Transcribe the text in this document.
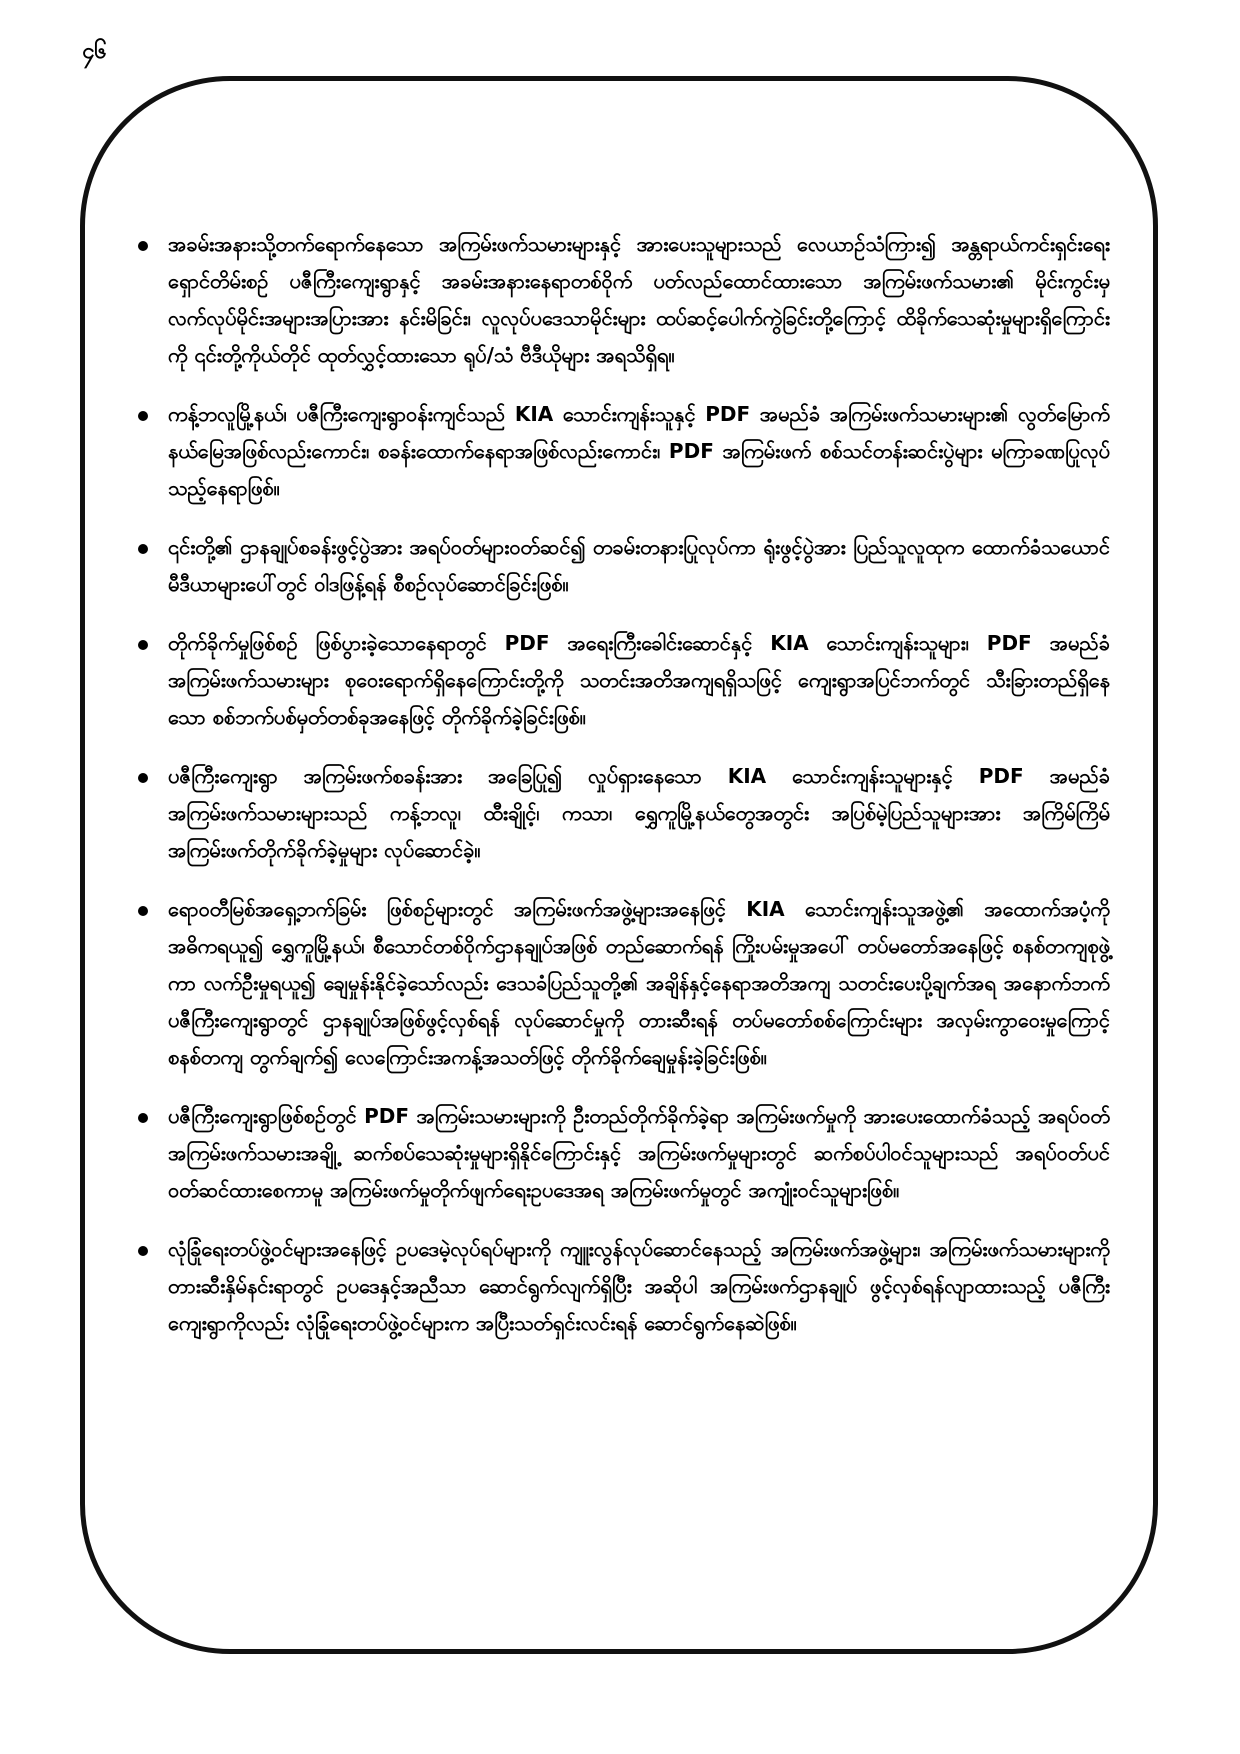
၄၆
အခမ်းအနားသို့တက်ရောက်နေသော အကြမ်းဖက်သမားများနှင့် အားပေးသူများသည် လေယာဉ်သံကြား၍ အန္တရာယ်ကင်းရှင်းရေး ရှောင်တိမ်းစဉ် ပဇီကြီးကျေးရွာနှင့် အခမ်းအနားနေရာတစ်ဝိုက် ပတ်လည်ထောင်ထားသော အကြမ်းဖက်သမား၏ မိုင်းကွင်းမှ လက်လုပ်မိုင်းအများအပြားအား နင်းမိခြင်း၊ လူလုပ်ပဒေသာမိုင်းများ ထပ်ဆင့်ပေါက်ကွဲခြင်းတို့ကြောင့် ထိခိုက်သေဆုံးမှုများရှိကြောင်းကို ၎င်းတို့ကိုယ်တိုင် ထုတ်လွှင့်ထားသော ရုပ်/သံ ဗီဒီယိုများ အရသိရှိရ။
ကန့်ဘလူမြို့နယ်၊ ပဇီကြီးကျေးရွာဝန်းကျင်သည် KIA သောင်းကျန်းသူနှင့် PDF အမည်ခံ အကြမ်းဖက်သမားများ၏ လွတ်မြောက်နယ်မြေအဖြစ်လည်းကောင်း၊ စခန်းထောက်နေရာအဖြစ်လည်းကောင်း၊ PDF အကြမ်းဖက် စစ်သင်တန်းဆင်းပွဲများ မကြာခဏပြုလုပ်သည့်နေရာဖြစ်။
၎င်းတို့၏ ဌာနချုပ်စခန်းဖွင့်ပွဲအား အရပ်ဝတ်များဝတ်ဆင်၍ တခမ်းတနားပြုလုပ်ကာ ရုံးဖွင့်ပွဲအား ပြည်သူလူထုက ထောက်ခံသယောင် မီဒီယာများပေါ်တွင် ဝါဒဖြန့်ရန် စီစဉ်လုပ်ဆောင်ခြင်းဖြစ်။
တိုက်ခိုက်မှုဖြစ်စဉ် ဖြစ်ပွားခဲ့သောနေရာတွင် PDF အရေးကြီးခေါင်းဆောင်နှင့် KIA သောင်းကျန်းသူများ၊ PDF အမည်ခံ အကြမ်းဖက်သမားများ စုဝေးရောက်ရှိနေကြောင်းတို့ကို သတင်းအတိအကျရရှိသဖြင့် ကျေးရွာအပြင်ဘက်တွင် သီးခြားတည်ရှိနေသော စစ်ဘက်ပစ်မှတ်တစ်ခုအနေဖြင့် တိုက်ခိုက်ခဲ့ခြင်းဖြစ်။
ပဇီကြီးကျေးရွာ အကြမ်းဖက်စခန်းအား အခြေပြု၍ လှုပ်ရှားနေသော KIA သောင်းကျန်းသူများနှင့် PDF အမည်ခံ အကြမ်းဖက်သမားများသည် ကန့်ဘလူ၊ ထီးချိုင့်၊ ကသာ၊ ရွှေကူမြို့နယ်တွေအတွင်း အပြစ်မဲ့ပြည်သူများအား အကြိမ်ကြိမ် အကြမ်းဖက်တိုက်ခိုက်ခဲ့မှုများ လုပ်ဆောင်ခဲ့။
ရောဝတီမြစ်အရှေ့ဘက်ခြမ်း ဖြစ်စဉ်များတွင် အကြမ်းဖက်အဖွဲ့များအနေဖြင့် KIA သောင်းကျန်းသူအဖွဲ့၏ အထောက်အပံ့ကို အဓိကရယူ၍ ရွှေကူမြို့နယ်၊ စီသောင်တစ်ဝိုက်ဌာနချုပ်အဖြစ် တည်ဆောက်ရန် ကြိုးပမ်းမှုအပေါ် တပ်မတော်အနေဖြင့် စနစ်တကျစုဖွဲ့ကာ လက်ဦးမှုရယူ၍ ချေမှုန်းနိုင်ခဲ့သော်လည်း ဒေသခံပြည်သူတို့၏ အချိန်နှင့်နေရာအတိအကျ သတင်းပေးပို့ချက်အရ အနောက်ဘက် ပဇီကြီးကျေးရွာတွင် ဌာနချုပ်အဖြစ်ဖွင့်လှစ်ရန် လုပ်ဆောင်မှုကို တားဆီးရန် တပ်မတော်စစ်ကြောင်းများ အလှမ်းကွာဝေးမှုကြောင့် စနစ်တကျ တွက်ချက်၍ လေကြောင်းအကန့်အသတ်ဖြင့် တိုက်ခိုက်ချေမှုန်းခဲ့ခြင်းဖြစ်။
ပဇီကြီးကျေးရွာဖြစ်စဉ်တွင် PDF အကြမ်းသမားများကို ဦးတည်တိုက်ခိုက်ခဲ့ရာ အကြမ်းဖက်မှုကို အားပေးထောက်ခံသည့် အရပ်ဝတ်အကြမ်းဖက်သမားအချို့ ဆက်စပ်သေဆုံးမှုများရှိနိုင်ကြောင်းနှင့် အကြမ်းဖက်မှုများတွင် ဆက်စပ်ပါဝင်သူများသည် အရပ်ဝတ်ပင်ဝတ်ဆင်ထားစေကာမူ အကြမ်းဖက်မှုတိုက်ဖျက်ရေးဥပဒေအရ အကြမ်းဖက်မှုတွင် အကျုံးဝင်သူများဖြစ်။
လုံခြုံရေးတပ်ဖွဲ့ဝင်များအနေဖြင့် ဥပဒေမဲ့လုပ်ရပ်များကို ကျူးလွန်လုပ်ဆောင်နေသည့် အကြမ်းဖက်အဖွဲ့များ၊ အကြမ်းဖက်သမားများကို တားဆီးနှိမ်နင်းရာတွင် ဥပဒေနှင့်အညီသာ ဆောင်ရွက်လျက်ရှိပြီး အဆိုပါ အကြမ်းဖက်ဌာနချုပ် ဖွင့်လှစ်ရန်လျာထားသည့် ပဇီကြီးကျေးရွာကိုလည်း လုံခြုံရေးတပ်ဖွဲ့ဝင်များက အပြီးသတ်ရှင်းလင်းရန် ဆောင်ရွက်နေဆဲဖြစ်။
